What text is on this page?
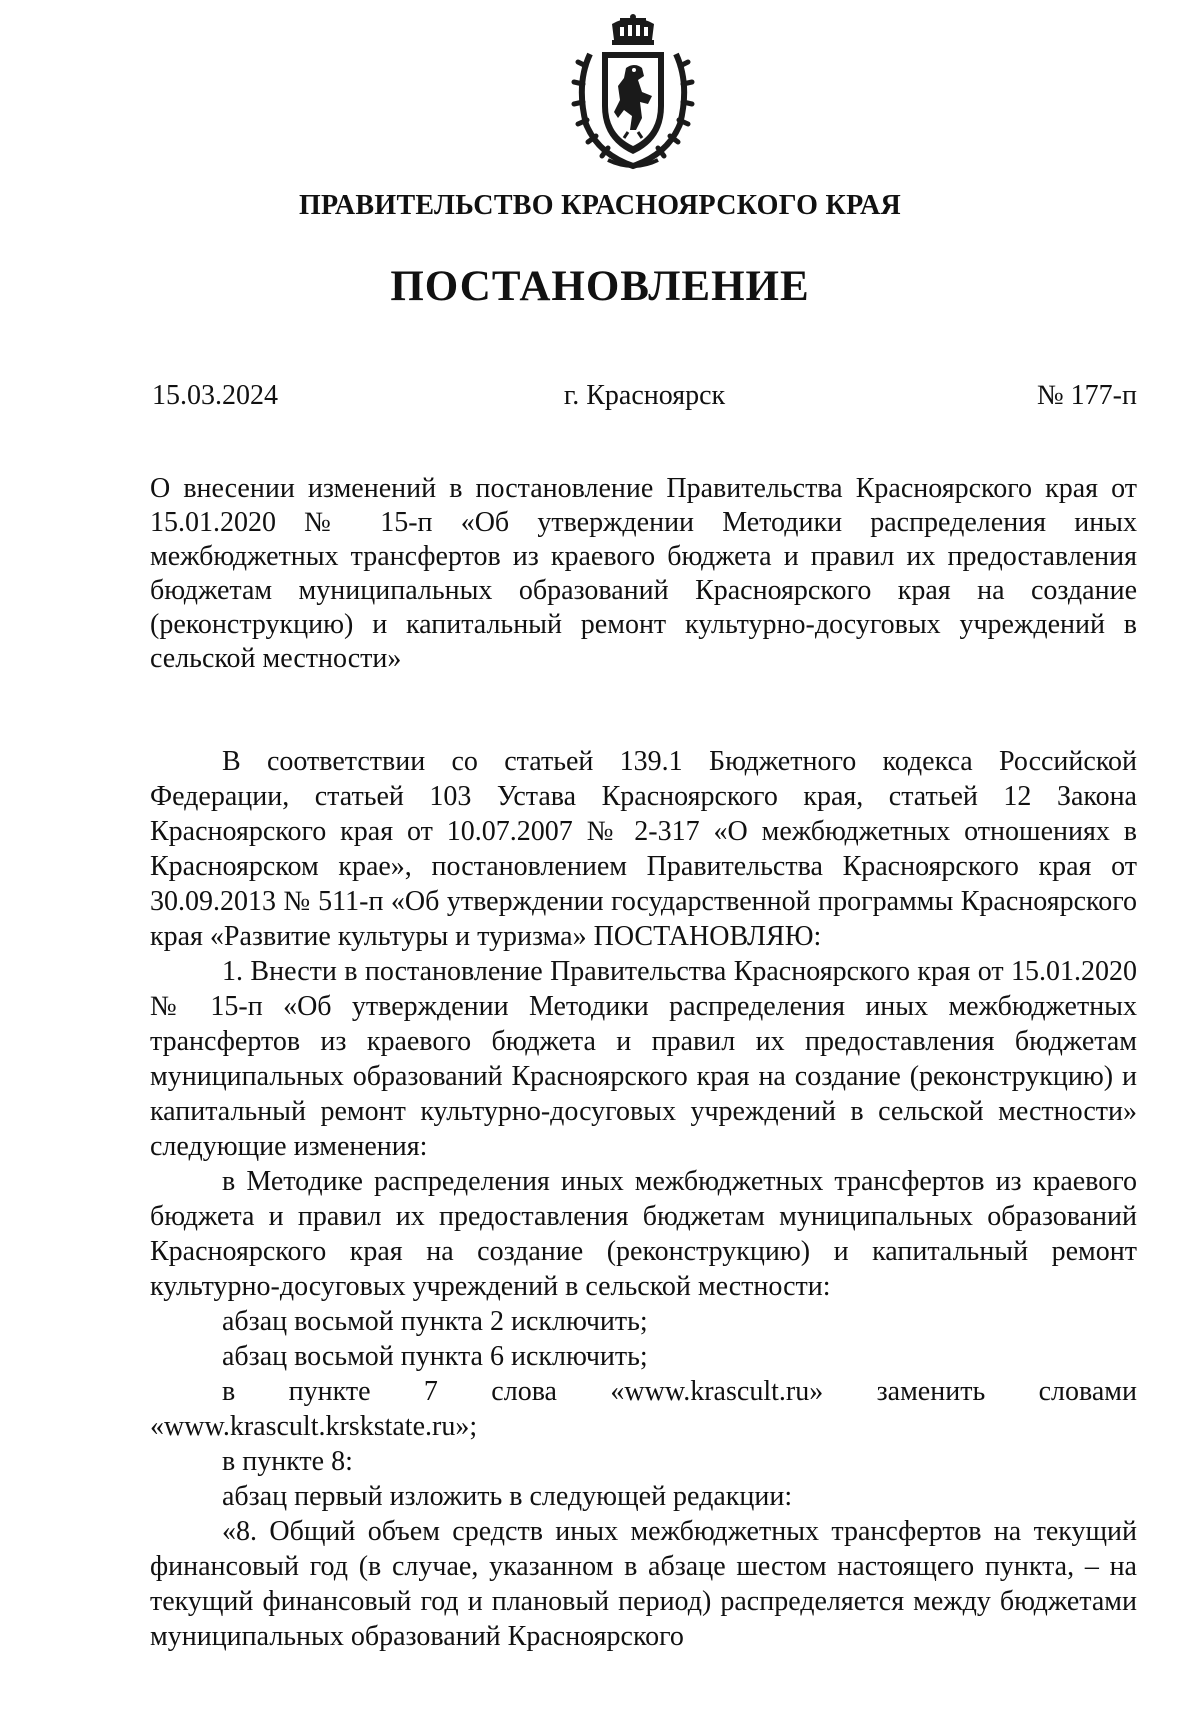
ПРАВИТЕЛЬСТВО КРАСНОЯРСКОГО КРАЯ
ПОСТАНОВЛЕНИЕ
15.03.2024	г. Красноярск	№ 177-п
О внесении изменений в постановление Правительства Красноярского края от 15.01.2020 № 15-п «Об утверждении Методики распределения иных межбюджетных трансфертов из краевого бюджета и правил их предоставления бюджетам муниципальных образований Красноярского края на создание (реконструкцию) и капитальный ремонт культурно-досуговых учреждений в сельской местности»

В соответствии со статьей 139.1 Бюджетного кодекса Российской Федерации, статьей 103 Устава Красноярского края, статьей 12 Закона Красноярского края от 10.07.2007 № 2-317 «О межбюджетных отношениях в Красноярском крае», постановлением Правительства Красноярского края от 30.09.2013 № 511-п «Об утверждении государственной программы Красноярского края «Развитие культуры и туризма» ПОСТАНОВЛЯЮ:

1. Внести в постановление Правительства Красноярского края от 15.01.2020 № 15-п «Об утверждении Методики распределения иных межбюджетных трансфертов из краевого бюджета и правил их предоставления бюджетам муниципальных образований Красноярского края на создание (реконструкцию) и капитальный ремонт культурно-досуговых учреждений в сельской местности» следующие изменения:

в Методике распределения иных межбюджетных трансфертов из краевого бюджета и правил их предоставления бюджетам муниципальных образований Красноярского края на создание (реконструкцию) и капитальный ремонт культурно-досуговых учреждений в сельской местности:

абзац восьмой пункта 2 исключить;

абзац восьмой пункта 6 исключить;

в пункте 7 слова «www.krascult.ru» заменить словами «www.krascult.krskstate.ru»;

в пункте 8:

абзац первый изложить в следующей редакции:

«8. Общий объем средств иных межбюджетных трансфертов на текущий финансовый год (в случае, указанном в абзаце шестом настоящего пункта, – на текущий финансовый год и плановый период) распределяется между бюджетами муниципальных образований Красноярского
